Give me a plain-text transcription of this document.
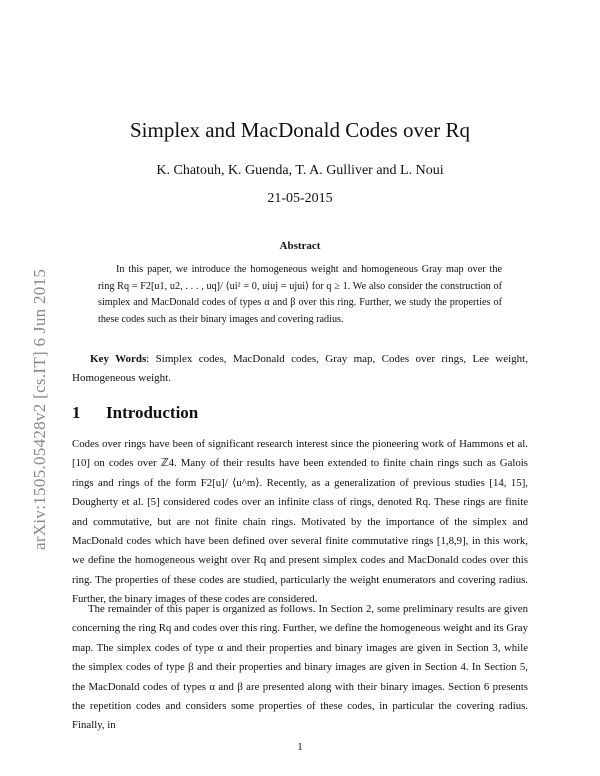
arXiv:1505.05428v2 [cs.IT] 6 Jun 2015
Simplex and MacDonald Codes over Rq
K. Chatouh, K. Guenda, T. A. Gulliver and L. Noui
21-05-2015
Abstract
In this paper, we introduce the homogeneous weight and homogeneous Gray map over the ring Rq = F2[u1, u2, . . . , uq]/ ⟨ui² = 0, uiuj = ujui⟩ for q ≥ 1. We also consider the construction of simplex and MacDonald codes of types α and β over this ring. Further, we study the properties of these codes such as their binary images and covering radius.
Key Words: Simplex codes, MacDonald codes, Gray map, Codes over rings, Lee weight, Homogeneous weight.
1 Introduction
Codes over rings have been of significant research interest since the pioneering work of Hammons et al. [10] on codes over ℤ4. Many of their results have been extended to finite chain rings such as Galois rings and rings of the form F2[u]/ ⟨u^m⟩. Recently, as a generalization of previous studies [14, 15], Dougherty et al. [5] considered codes over an infinite class of rings, denoted Rq. These rings are finite and commutative, but are not finite chain rings. Motivated by the importance of the simplex and MacDonald codes which have been defined over several finite commutative rings [1,8,9], in this work, we define the homogeneous weight over Rq and present simplex codes and MacDonald codes over this ring. The properties of these codes are studied, particularly the weight enumerators and covering radius. Further, the binary images of these codes are considered.
The remainder of this paper is organized as follows. In Section 2, some preliminary results are given concerning the ring Rq and codes over this ring. Further, we define the homogeneous weight and its Gray map. The simplex codes of type α and their properties and binary images are given in Section 3, while the simplex codes of type β and their properties and binary images are given in Section 4. In Section 5, the MacDonald codes of types α and β are presented along with their binary images. Section 6 presents the repetition codes and considers some properties of these codes, in particular the covering radius. Finally, in
1
